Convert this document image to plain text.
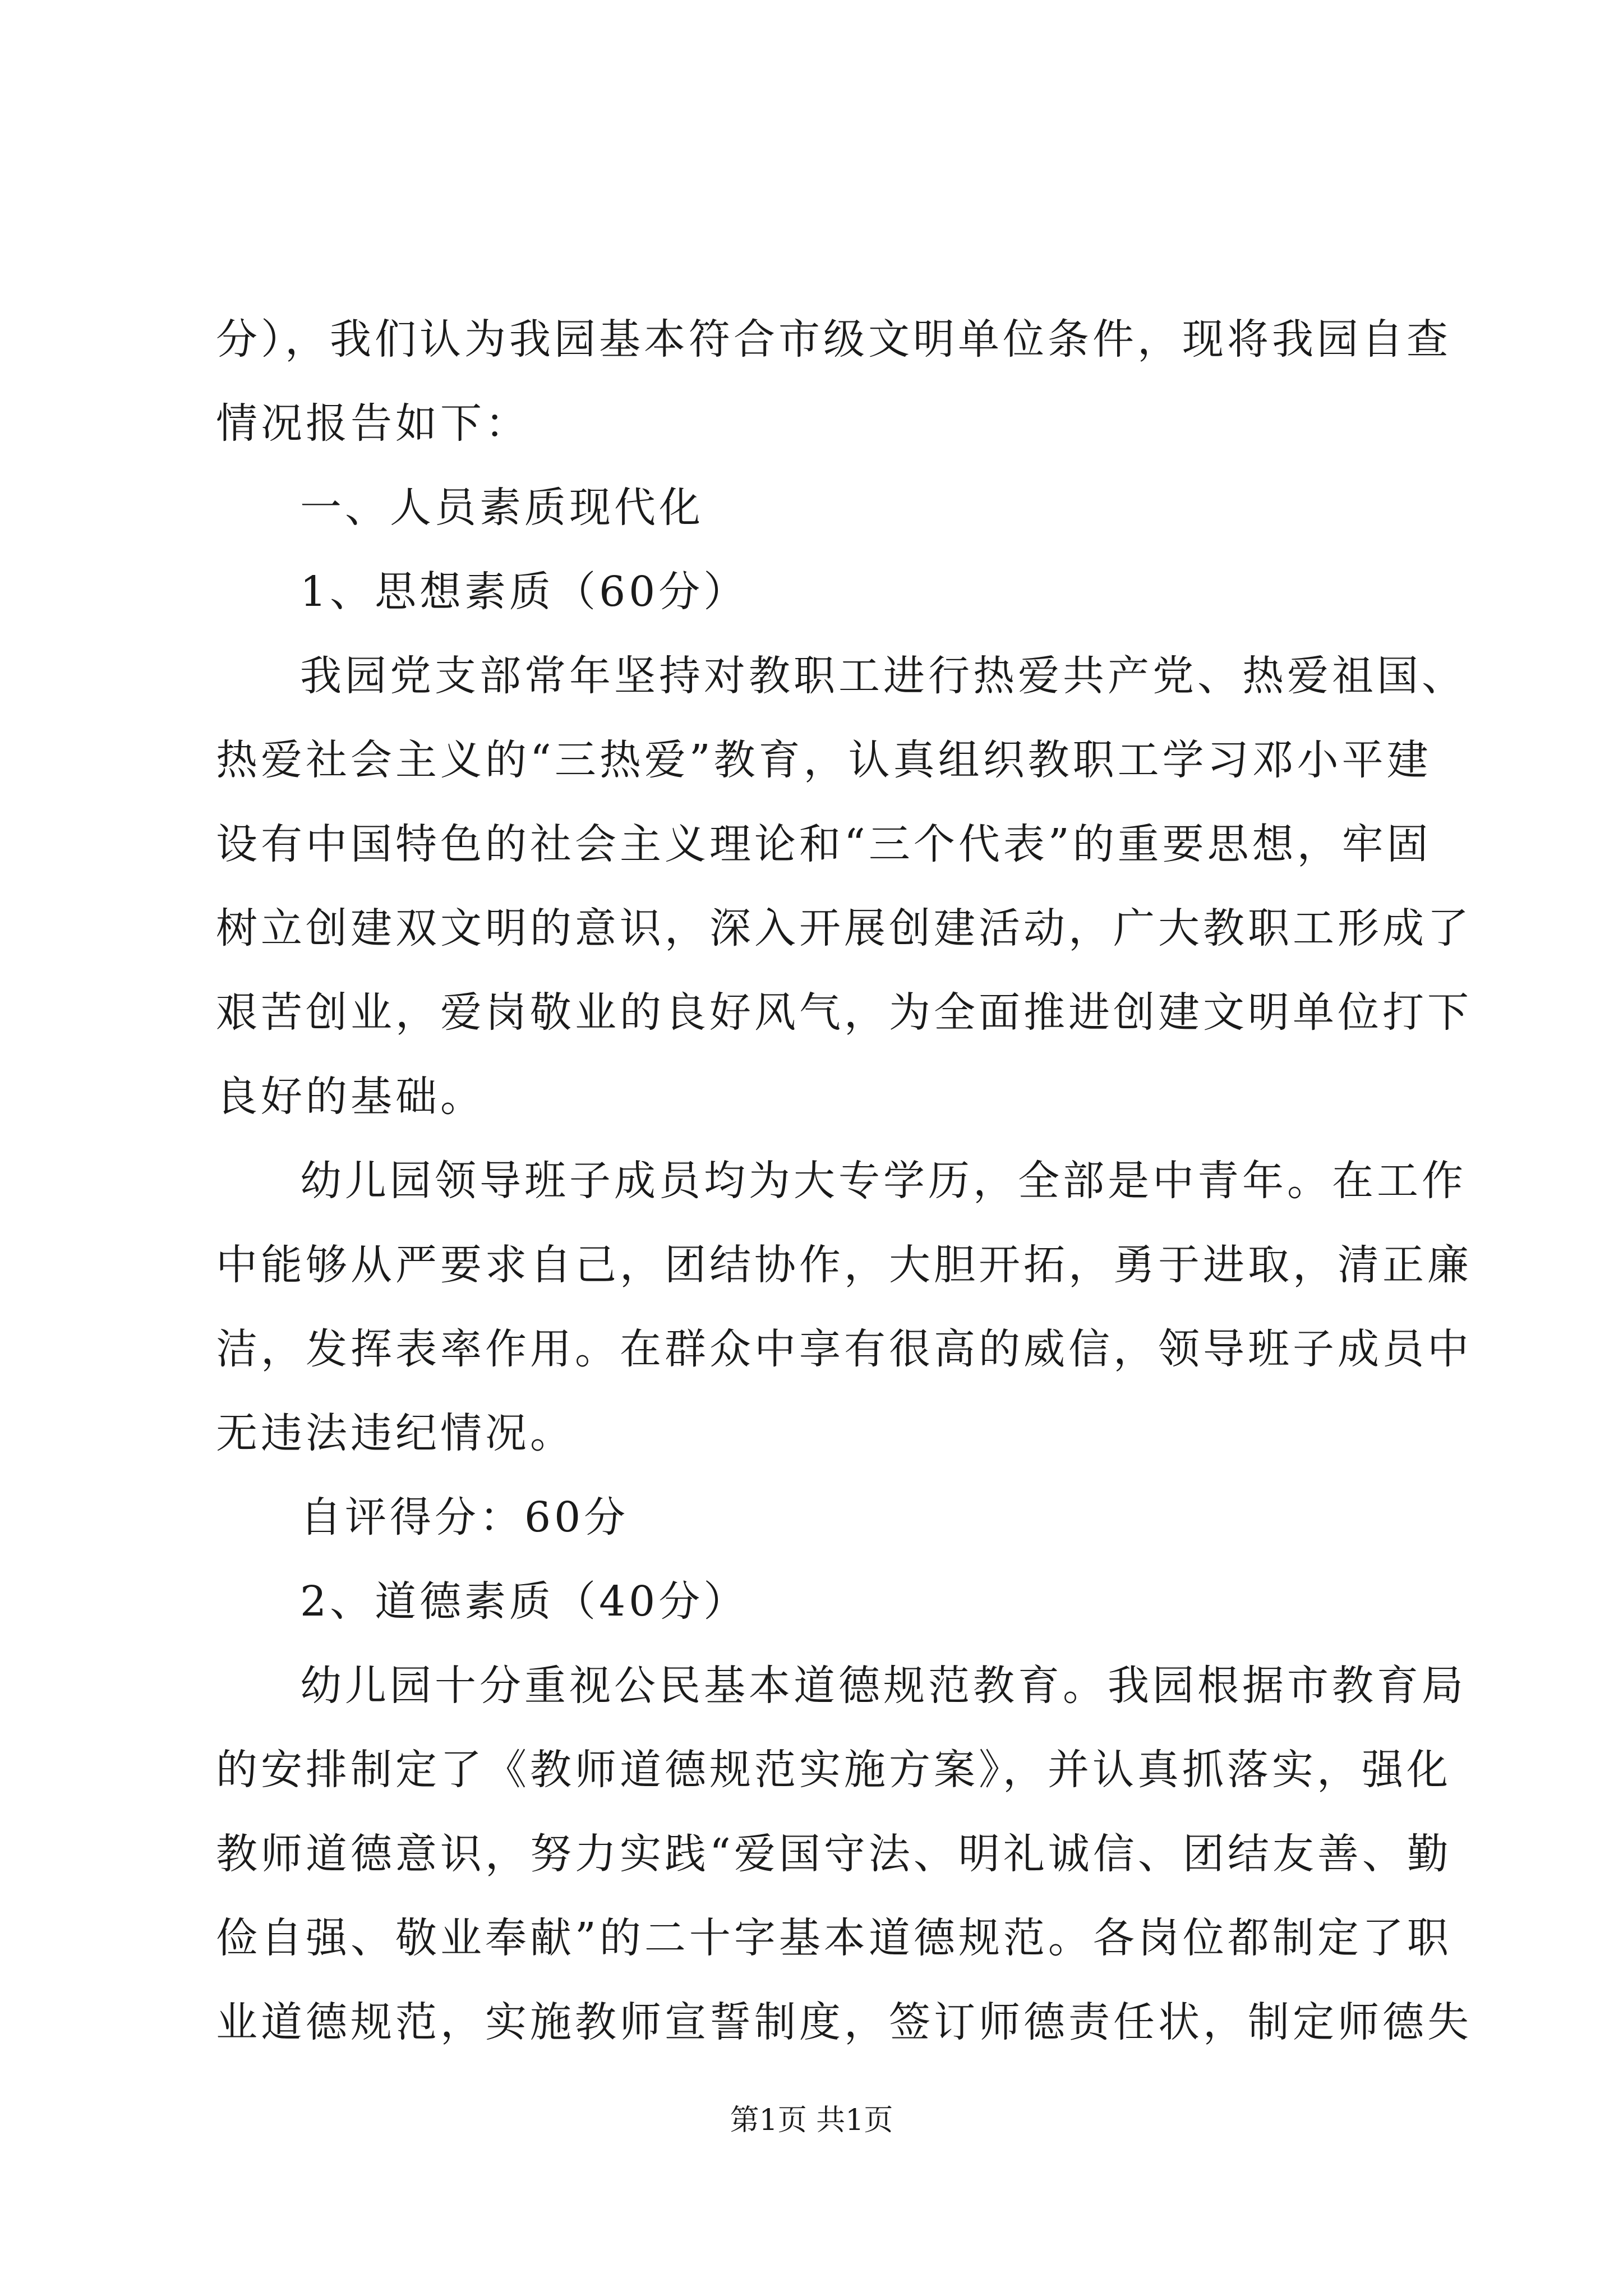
分），我们认为我园基本符合市级文明单位条件，现将我园自查
情况报告如下：
一、人员素质现代化
1、思想素质（60分）
我园党支部常年坚持对教职工进行热爱共产党、热爱祖国、
热爱社会主义的“三热爱”教育，认真组织教职工学习邓小平建
设有中国特色的社会主义理论和“三个代表”的重要思想，牢固
树立创建双文明的意识，深入开展创建活动，广大教职工形成了
艰苦创业，爱岗敬业的良好风气，为全面推进创建文明单位打下
良好的基础。
幼儿园领导班子成员均为大专学历，全部是中青年。在工作
中能够从严要求自己，团结协作，大胆开拓，勇于进取，清正廉
洁，发挥表率作用。在群众中享有很高的威信，领导班子成员中
无违法违纪情况。
自评得分：60分
2、道德素质（40分）
幼儿园十分重视公民基本道德规范教育。我园根据市教育局
的安排制定了《教师道德规范实施方案》，并认真抓落实，强化
教师道德意识，努力实践“爱国守法、明礼诚信、团结友善、勤
俭自强、敬业奉献”的二十字基本道德规范。各岗位都制定了职
业道德规范，实施教师宣誓制度，签订师德责任状，制定师德失
第1页 共1页
